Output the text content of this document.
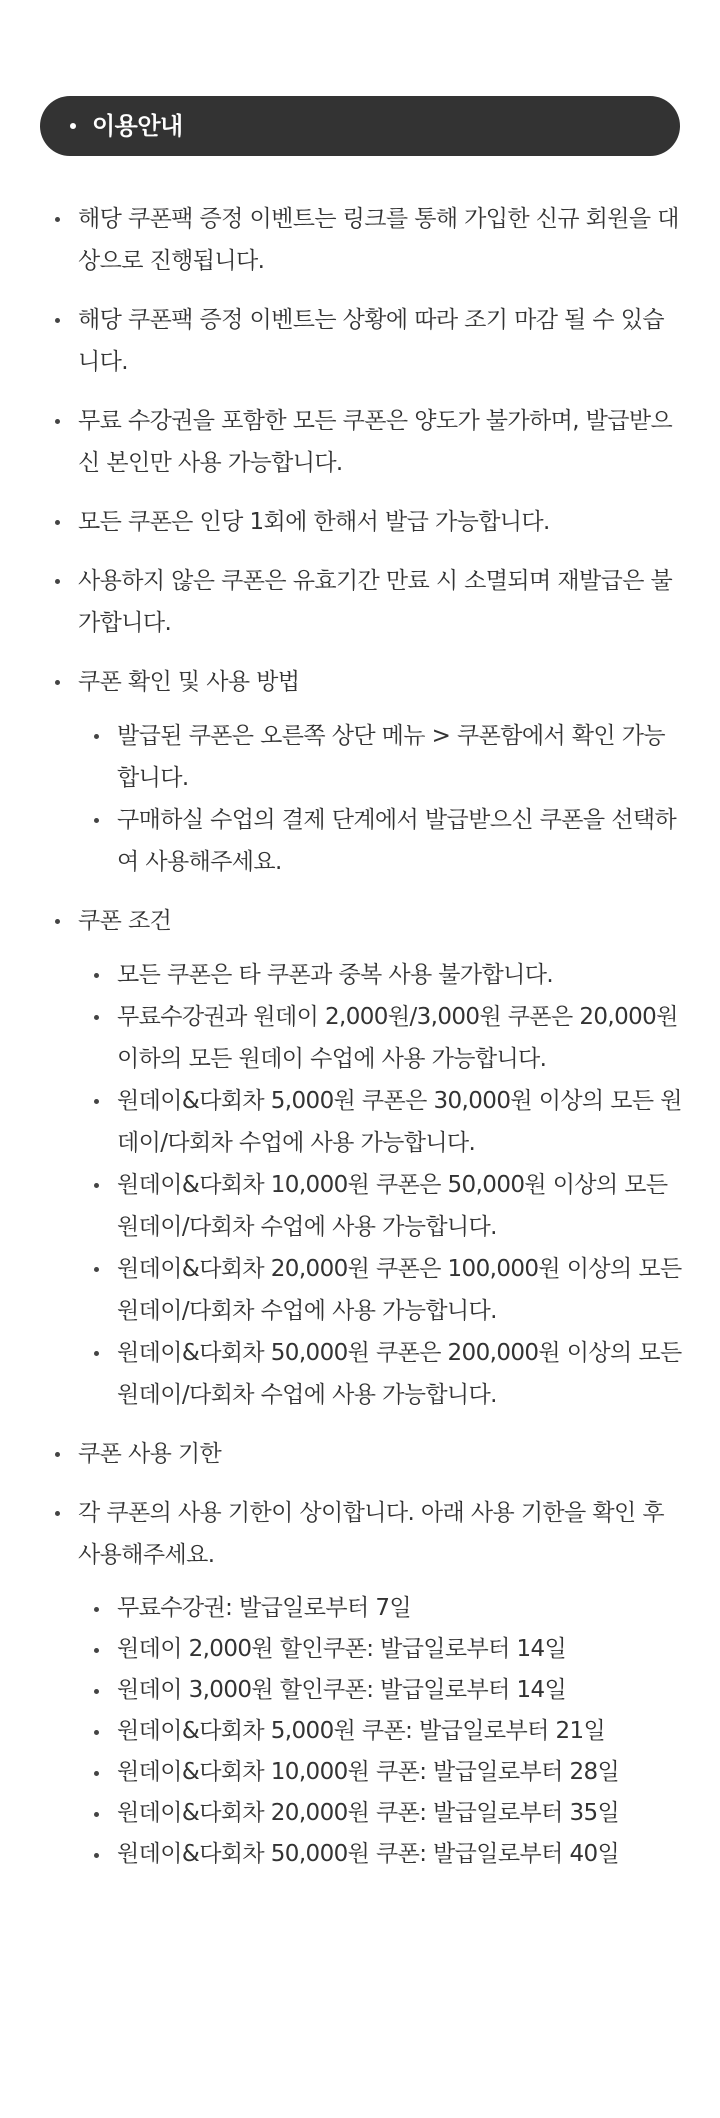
이용안내
해당 쿠폰팩 증정 이벤트는 링크를 통해 가입한 신규 회원을 대상으로 진행됩니다.
해당 쿠폰팩 증정 이벤트는 상황에 따라 조기 마감 될 수 있습니다.
무료 수강권을 포함한 모든 쿠폰은 양도가 불가하며, 발급받으신 본인만 사용 가능합니다.
모든 쿠폰은 인당 1회에 한해서 발급 가능합니다.
사용하지 않은 쿠폰은 유효기간 만료 시 소멸되며 재발급은 불가합니다.
쿠폰 확인 및 사용 방법
발급된 쿠폰은 오른쪽 상단 메뉴 > 쿠폰함에서 확인 가능합니다.
구매하실 수업의 결제 단계에서 발급받으신 쿠폰을 선택하여 사용해주세요.
쿠폰 조건
모든 쿠폰은 타 쿠폰과 중복 사용 불가합니다.
무료수강권과 원데이 2,000원/3,000원 쿠폰은 20,000원 이하의 모든 원데이 수업에 사용 가능합니다.
원데이&다회차 5,000원 쿠폰은 30,000원 이상의 모든 원데이/다회차 수업에 사용 가능합니다.
원데이&다회차 10,000원 쿠폰은 50,000원 이상의 모든 원데이/다회차 수업에 사용 가능합니다.
원데이&다회차 20,000원 쿠폰은 100,000원 이상의 모든 원데이/다회차 수업에 사용 가능합니다.
원데이&다회차 50,000원 쿠폰은 200,000원 이상의 모든 원데이/다회차 수업에 사용 가능합니다.
쿠폰 사용 기한
각 쿠폰의 사용 기한이 상이합니다. 아래 사용 기한을 확인 후 사용해주세요.
무료수강권: 발급일로부터 7일
원데이 2,000원 할인쿠폰: 발급일로부터 14일
원데이 3,000원 할인쿠폰: 발급일로부터 14일
원데이&다회차 5,000원 쿠폰: 발급일로부터 21일
원데이&다회차 10,000원 쿠폰: 발급일로부터 28일
원데이&다회차 20,000원 쿠폰: 발급일로부터 35일
원데이&다회차 50,000원 쿠폰: 발급일로부터 40일
